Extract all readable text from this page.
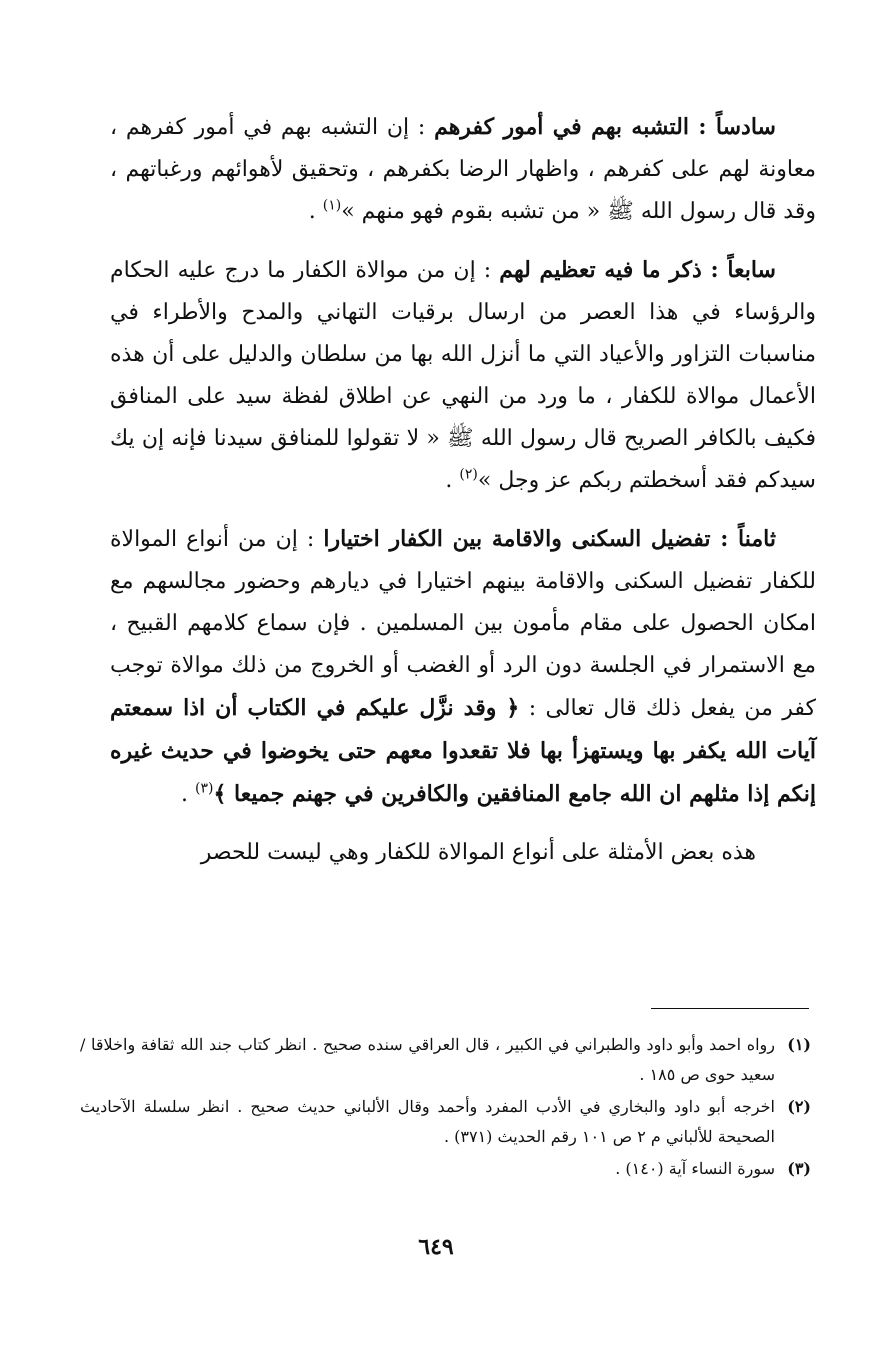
سادساً : التشبه بهم في أمور كفرهم : إن التشبه بهم في أمور كفرهم ، معاونة لهم على كفرهم ، واظهار الرضا بكفرهم ، وتحقيق لأهوائهم ورغباتهم ، وقد قال رسول الله ﷺ « من تشبه بقوم فهو منهم »$^{(١)}$ .

سابعاً : ذكر ما فيه تعظيم لهم : إن من موالاة الكفار ما درج عليه الحكام والرؤساء في هذا العصر من ارسال برقيات التهاني والمدح والأطراء في مناسبات التزاور والأعياد التي ما أنزل الله بها من سلطان والدليل على أن هذه الأعمال موالاة للكفار ، ما ورد من النهي عن اطلاق لفظة سيد على المنافق فكيف بالكافر الصريح قال رسول الله ﷺ « لا تقولوا للمنافق سيدنا فإنه إن يك سيدكم فقد أسخطتم ربكم عز وجل »$^{(٢)}$ .

ثامناً : تفضيل السكنى والاقامة بين الكفار اختيارا : إن من أنواع الموالاة للكفار تفضيل السكنى والاقامة بينهم اختيارا في ديارهم وحضور مجالسهم مع امكان الحصول على مقام مأمون بين المسلمين . فإن سماع كلامهم القبيح ، مع الاستمرار في الجلسة دون الرد أو الغضب أو الخروج من ذلك موالاة توجب كفر من يفعل ذلك قال تعالى : ﴿ وقد نزَّل عليكم في الكتاب أن اذا سمعتم آيات الله يكفر بها ويستهزأ بها فلا تقعدوا معهم حتى يخوضوا في حديث غيره إنكم إذا مثلهم ان الله جامع المنافقين والكافرين في جهنم جميعا ﴾$^{(٣)}$ .

هذه بعض الأمثلة على أنواع الموالاة للكفار وهي ليست للحصر

(١)
رواه احمد وأبو داود والطبراني في الكبير ، قال العراقي سنده صحيح . انظر كتاب جند الله ثقافة واخلاقا / سعيد حوى ص ١٨٥ .
(٢)
اخرجه أبو داود والبخاري في الأدب المفرد وأحمد وقال الألباني حديث صحيح . انظر سلسلة الآحاديث الصحيحة للألباني م ٢ ص ١٠١ رقم الحديث (٣٧١) .
(٣)
سورة النساء آية (١٤٠) .
٦٤٩
